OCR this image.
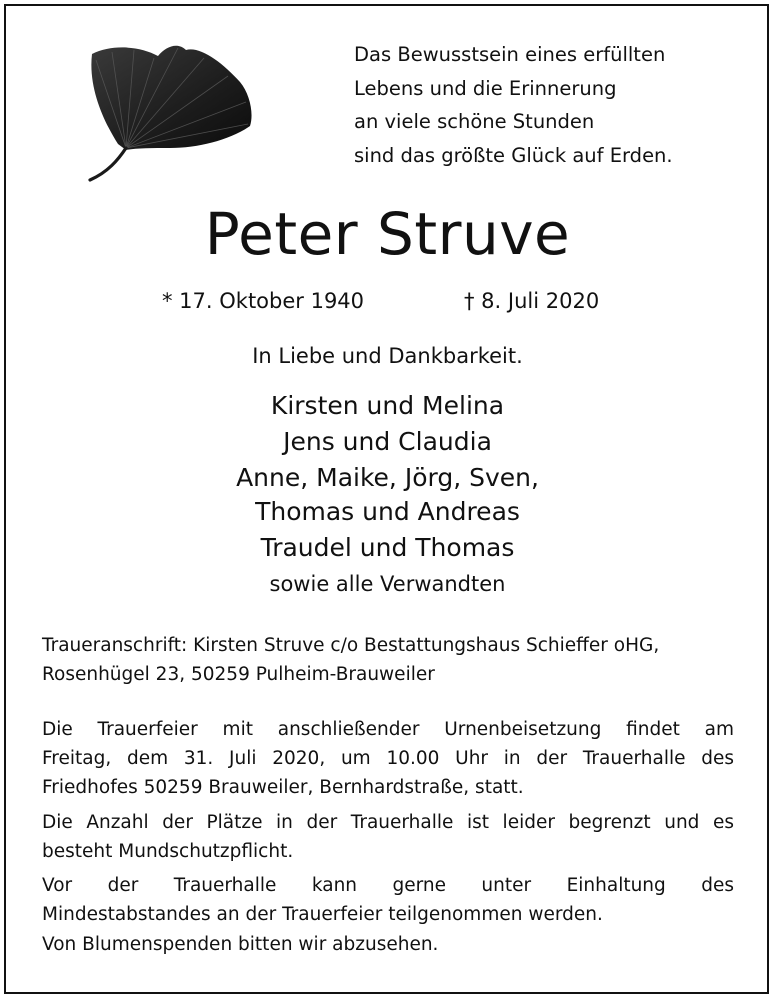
Das Bewusstsein eines erfüllten
Lebens und die Erinnerung
an viele schöne Stunden
sind das größte Glück auf Erden.
Peter Struve
* 17. Oktober 1940	† 8. Juli 2020
In Liebe und Dankbarkeit.
Kirsten und Melina
Jens und Claudia
Anne, Maike, Jörg, Sven,
Thomas und Andreas
Traudel und Thomas
sowie alle Verwandten
Traueranschrift: Kirsten Struve c/o Bestattungshaus Schieffer oHG,
Rosenhügel 23, 50259 Pulheim-Brauweiler
Die Trauerfeier mit anschließender Urnenbeisetzung findet am
Freitag, dem 31. Juli 2020, um 10.00 Uhr in der Trauerhalle des
Friedhofes 50259 Brauweiler, Bernhardstraße, statt.
Die Anzahl der Plätze in der Trauerhalle ist leider begrenzt und es
besteht Mundschutzpflicht.
Vor der Trauerhalle kann gerne unter Einhaltung des
Mindestabstandes an der Trauerfeier teilgenommen werden.
Von Blumenspenden bitten wir abzusehen.
